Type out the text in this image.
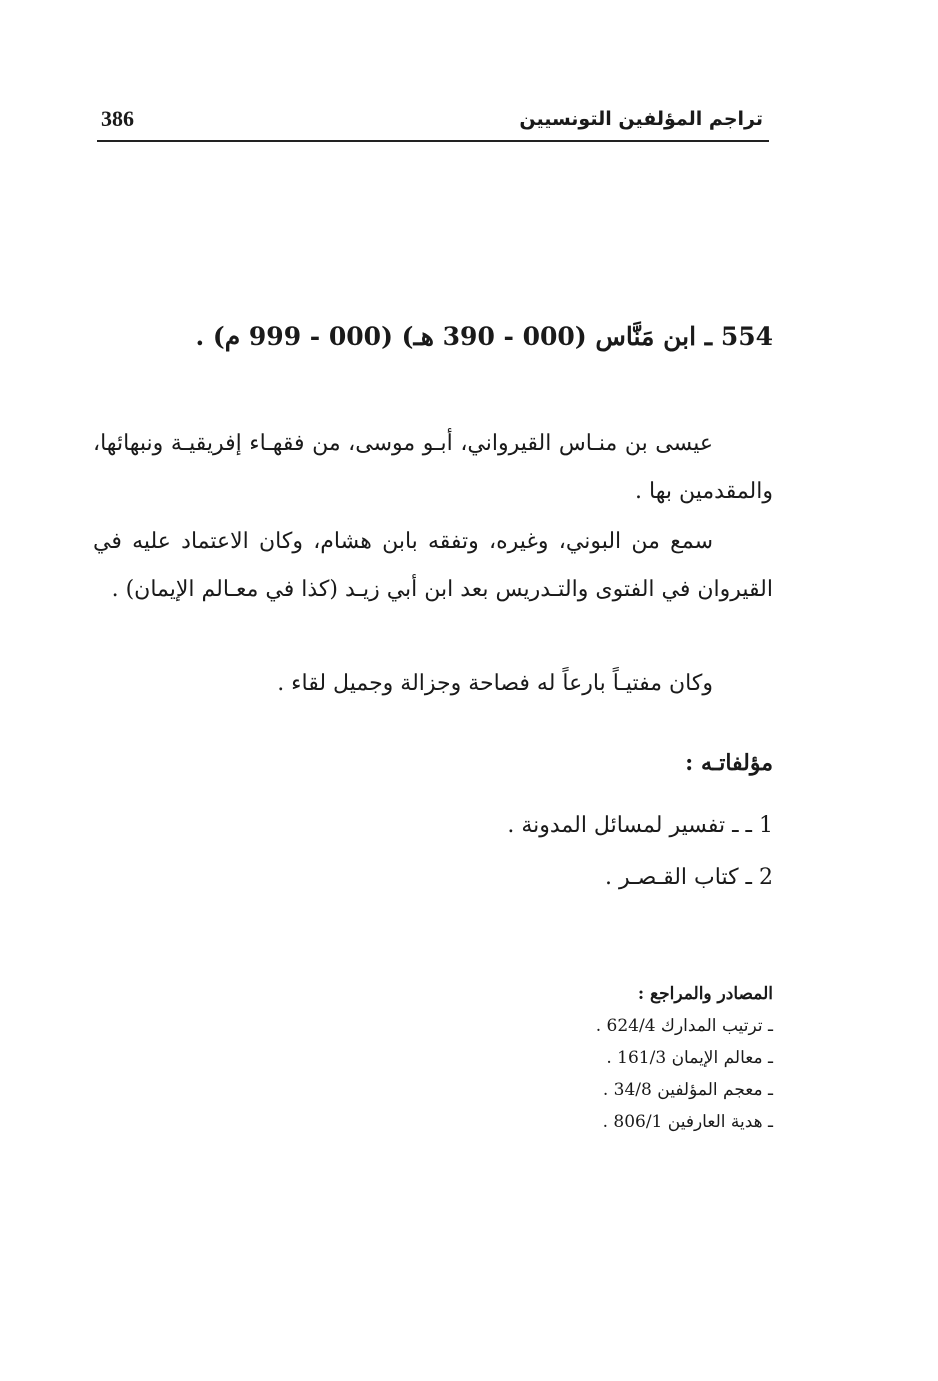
تراجم المؤلفين التونسيين
386
554 ـ ابن مَنَّاس (000 - 390 هـ) (000 - 999 م) .

عيسى بن منـاس القيرواني، أبـو موسى، من فقهـاء إفريقيـة ونبهائها، والمقدمين بها .

سمع من البوني، وغيره، وتفقه بابن هشام، وكان الاعتماد عليه في القيروان في الفتوى والتـدريس بعد ابن أبي زيـد (كذا في معـالم الإيمان) .

وكان مفتيـاً بارعاً له فصاحة وجزالة وجميل لقاء .

مؤلفاتـه :
1 ـ ـ تفسير لمسائل المدونة .
2 ـ كتاب القـصـر .
المصادر والمراجع :
ـ ترتيب المدارك 624/4 .
ـ معالم الإيمان 161/3 .
ـ معجم المؤلفين 34/8 .
ـ هدية العارفين 806/1 .
